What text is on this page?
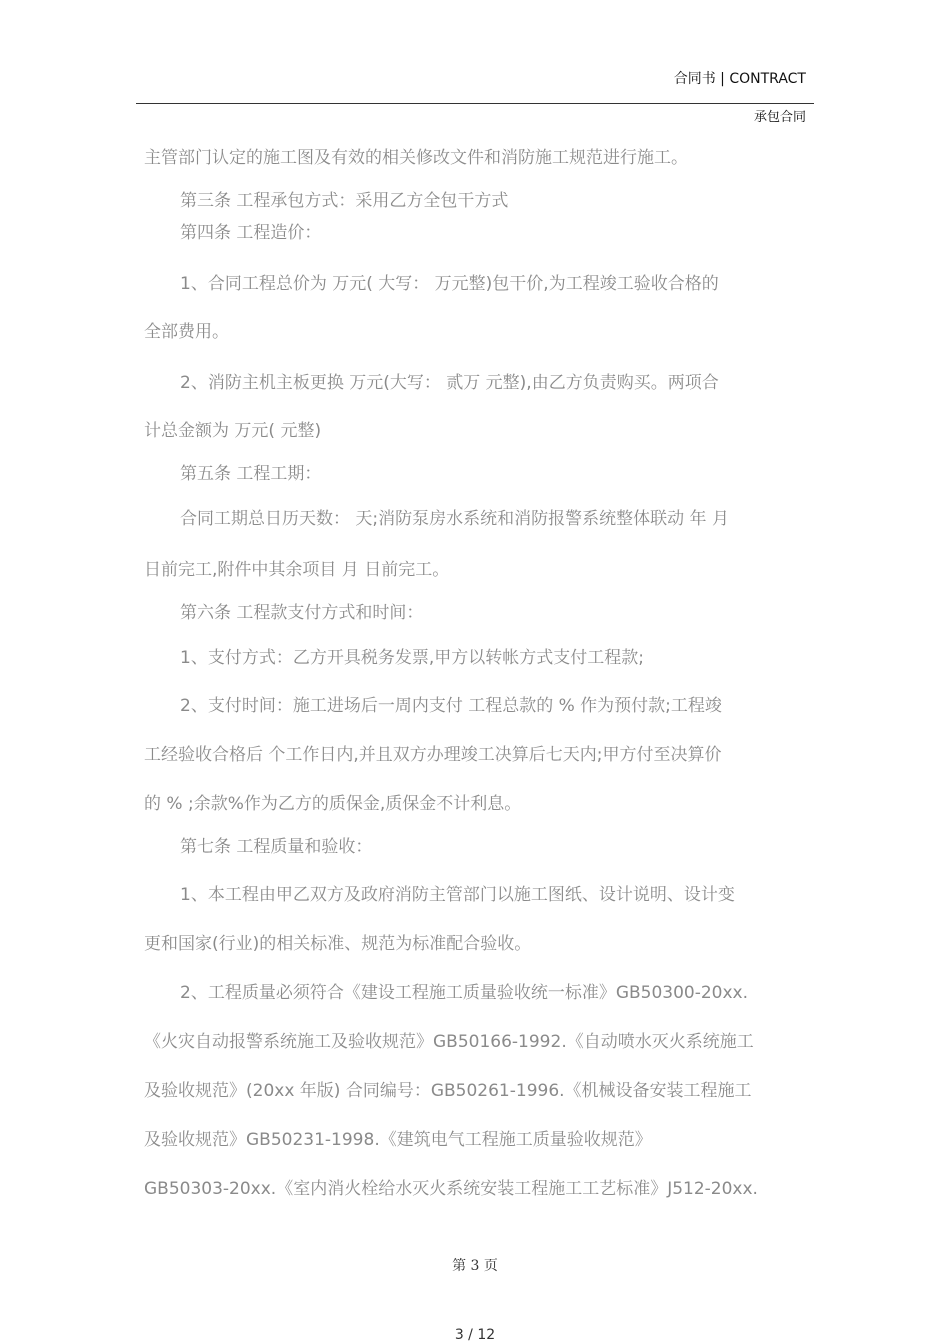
合同书 | CONTRACT
承包合同

主管部门认定的施工图及有效的相关修改文件和消防施工规范进行施工。

第三条 工程承包方式：采用乙方全包干方式

第四条 工程造价：

1、合同工程总价为 万元( 大写： 万元整)包干价,为工程竣工验收合格的

全部费用。

2、消防主机主板更换 万元(大写： 贰万 元整),由乙方负责购买。两项合

计总金额为 万元( 元整)

第五条 工程工期：

合同工期总日历天数： 天;消防泵房水系统和消防报警系统整体联动 年 月

日前完工,附件中其余项目 月 日前完工。

第六条 工程款支付方式和时间：

1、支付方式：乙方开具税务发票,甲方以转帐方式支付工程款;

2、支付时间：施工进场后一周内支付 工程总款的 % 作为预付款;工程竣

工经验收合格后 个工作日内,并且双方办理竣工决算后七天内;甲方付至决算价

的 % ;余款%作为乙方的质保金,质保金不计利息。

第七条 工程质量和验收：

1、本工程由甲乙双方及政府消防主管部门以施工图纸、设计说明、设计变

更和国家(行业)的相关标准、规范为标准配合验收。

2、工程质量必须符合《建设工程施工质量验收统一标准》GB50300-20xx.

《火灾自动报警系统施工及验收规范》GB50166-1992.《自动喷水灭火系统施工

及验收规范》(20xx 年版) 合同编号：GB50261-1996.《机械设备安装工程施工

及验收规范》GB50231-1998.《建筑电气工程施工质量验收规范》

GB50303-20xx.《室内消火栓给水灭火系统安装工程施工工艺标准》J512-20xx.

第 3 页
3 / 12
